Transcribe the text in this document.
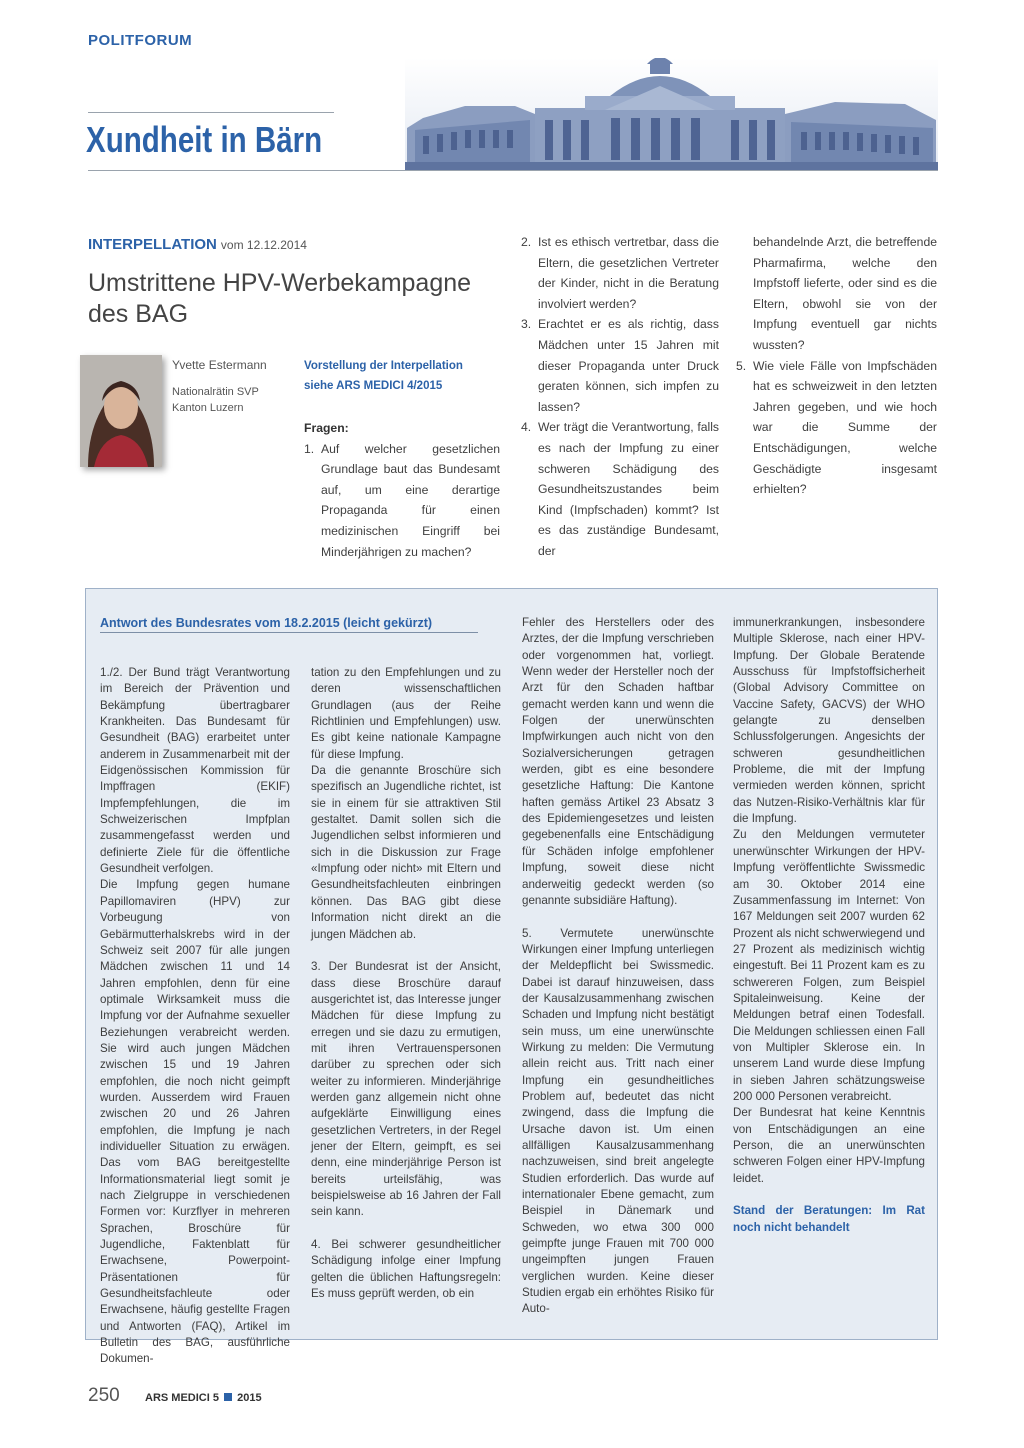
POLITFORUM
Xundheit in Bärn
INTERPELLATION vom 12.12.2014
Umstrittene HPV-Werbekampagne des BAG
Yvette Estermann
Nationalrätin SVP
Kanton Luzern
Vorstellung der Interpellation
siehe ARS MEDICI 4/2015
Fragen:
1. Auf welcher gesetzlichen Grundlage baut das Bundesamt auf, um eine derartige Propaganda für einen medizinischen Eingriff bei Minderjährigen zu machen?
2. Ist es ethisch vertretbar, dass die Eltern, die gesetzlichen Vertreter der Kinder, nicht in die Beratung involviert werden?
3. Erachtet er es als richtig, dass Mädchen unter 15 Jahren mit dieser Propaganda unter Druck geraten können, sich impfen zu lassen?
4. Wer trägt die Verantwortung, falls es nach der Impfung zu einer schweren Schädigung des Gesundheitszustandes beim Kind (Impfschaden) kommt? Ist es das zuständige Bundesamt, der
behandelnde Arzt, die betreffende Pharmafirma, welche den Impfstoff lieferte, oder sind es die Eltern, obwohl sie von der Impfung eventuell gar nichts wussten?
5. Wie viele Fälle von Impfschäden hat es schweizweit in den letzten Jahren gegeben, und wie hoch war die Summe der Entschädigungen, welche Geschädigte insgesamt erhielten?
Antwort des Bundesrates vom 18.2.2015 (leicht gekürzt)

1./2. Der Bund trägt Verantwortung im Bereich der Prävention und Bekämpfung übertragbarer Krankheiten. Das Bundesamt für Gesundheit (BAG) erarbeitet unter anderem in Zusammenarbeit mit der Eidgenössischen Kommission für Impffragen (EKIF) Impfempfehlungen, die im Schweizerischen Impfplan zusammengefasst werden und definierte Ziele für die öffentliche Gesundheit verfolgen.

Die Impfung gegen humane Papillomaviren (HPV) zur Vorbeugung von Gebärmutterhalskrebs wird in der Schweiz seit 2007 für alle jungen Mädchen zwischen 11 und 14 Jahren empfohlen, denn für eine optimale Wirksamkeit muss die Impfung vor der Aufnahme sexueller Beziehungen verabreicht werden. Sie wird auch jungen Mädchen zwischen 15 und 19 Jahren empfohlen, die noch nicht geimpft wurden. Ausserdem wird Frauen zwischen 20 und 26 Jahren empfohlen, die Impfung je nach individueller Situation zu erwägen. Das vom BAG bereitgestellte Informationsmaterial liegt somit je nach Zielgruppe in verschiedenen Formen vor: Kurzflyer in mehreren Sprachen, Broschüre für Jugendliche, Faktenblatt für Erwachsene, Powerpoint-Präsentationen für Gesundheitsfachleute oder Erwachsene, häufig gestellte Fragen und Antworten (FAQ), Artikel im Bulletin des BAG, ausführliche Dokumen-

tation zu den Empfehlungen und zu deren wissenschaftlichen Grundlagen (aus der Reihe Richtlinien und Empfehlungen) usw. Es gibt keine nationale Kampagne für diese Impfung.

Da die genannte Broschüre sich spezifisch an Jugendliche richtet, ist sie in einem für sie attraktiven Stil gestaltet. Damit sollen sich die Jugendlichen selbst informieren und sich in die Diskussion zur Frage «Impfung oder nicht» mit Eltern und Gesundheitsfachleuten einbringen können. Das BAG gibt diese Information nicht direkt an die jungen Mädchen ab.

3. Der Bundesrat ist der Ansicht, dass diese Broschüre darauf ausgerichtet ist, das Interesse junger Mädchen für diese Impfung zu erregen und sie dazu zu ermutigen, mit ihren Vertrauenspersonen darüber zu sprechen oder sich weiter zu informieren. Minderjährige werden ganz allgemein nicht ohne aufgeklärte Einwilligung eines gesetzlichen Vertreters, in der Regel jener der Eltern, geimpft, es sei denn, eine minderjährige Person ist bereits urteilsfähig, was beispielsweise ab 16 Jahren der Fall sein kann.

4. Bei schwerer gesundheitlicher Schädigung infolge einer Impfung gelten die üblichen Haftungsregeln: Es muss geprüft werden, ob ein

Fehler des Herstellers oder des Arztes, der die Impfung verschrieben oder vorgenommen hat, vorliegt. Wenn weder der Hersteller noch der Arzt für den Schaden haftbar gemacht werden kann und wenn die Folgen der unerwünschten Impfwirkungen auch nicht von den Sozialversicherungen getragen werden, gibt es eine besondere gesetzliche Haftung: Die Kantone haften gemäss Artikel 23 Absatz 3 des Epidemiengesetzes und leisten gegebenenfalls eine Entschädigung für Schäden infolge empfohlener Impfung, soweit diese nicht anderweitig gedeckt werden (so genannte subsidiäre Haftung).

5. Vermutete unerwünschte Wirkungen einer Impfung unterliegen der Meldepflicht bei Swissmedic. Dabei ist darauf hinzuweisen, dass der Kausalzusammenhang zwischen Schaden und Impfung nicht bestätigt sein muss, um eine unerwünschte Wirkung zu melden: Die Vermutung allein reicht aus. Tritt nach einer Impfung ein gesundheitliches Problem auf, bedeutet das nicht zwingend, dass die Impfung die Ursache davon ist. Um einen allfälligen Kausalzusammenhang nachzuweisen, sind breit angelegte Studien erforderlich. Das wurde auf internationaler Ebene gemacht, zum Beispiel in Dänemark und Schweden, wo etwa 300 000 geimpfte junge Frauen mit 700 000 ungeimpften jungen Frauen verglichen wurden. Keine dieser Studien ergab ein erhöhtes Risiko für Auto-

immunerkrankungen, insbesondere Multiple Sklerose, nach einer HPV-Impfung. Der Globale Beratende Ausschuss für Impfstoffsicherheit (Global Advisory Committee on Vaccine Safety, GACVS) der WHO gelangte zu denselben Schlussfolgerungen. Angesichts der schweren gesundheitlichen Probleme, die mit der Impfung vermieden werden können, spricht das Nutzen-Risiko-Verhältnis klar für die Impfung.

Zu den Meldungen vermuteter unerwünschter Wirkungen der HPV-Impfung veröffentlichte Swissmedic am 30. Oktober 2014 eine Zusammenfassung im Internet: Von 167 Meldungen seit 2007 wurden 62 Prozent als nicht schwerwiegend und 27 Prozent als medizinisch wichtig eingestuft. Bei 11 Prozent kam es zu schwereren Folgen, zum Beispiel Spitaleinweisung. Keine der Meldungen betraf einen Todesfall. Die Meldungen schliessen einen Fall von Multipler Sklerose ein. In unserem Land wurde diese Impfung in sieben Jahren schätzungsweise 200 000 Personen verabreicht.

Der Bundesrat hat keine Kenntnis von Entschädigungen an eine Person, die an unerwünschten schweren Folgen einer HPV-Impfung leidet.

Stand der Beratungen: Im Rat noch nicht behandelt

250 ARS MEDICI 5 2015
